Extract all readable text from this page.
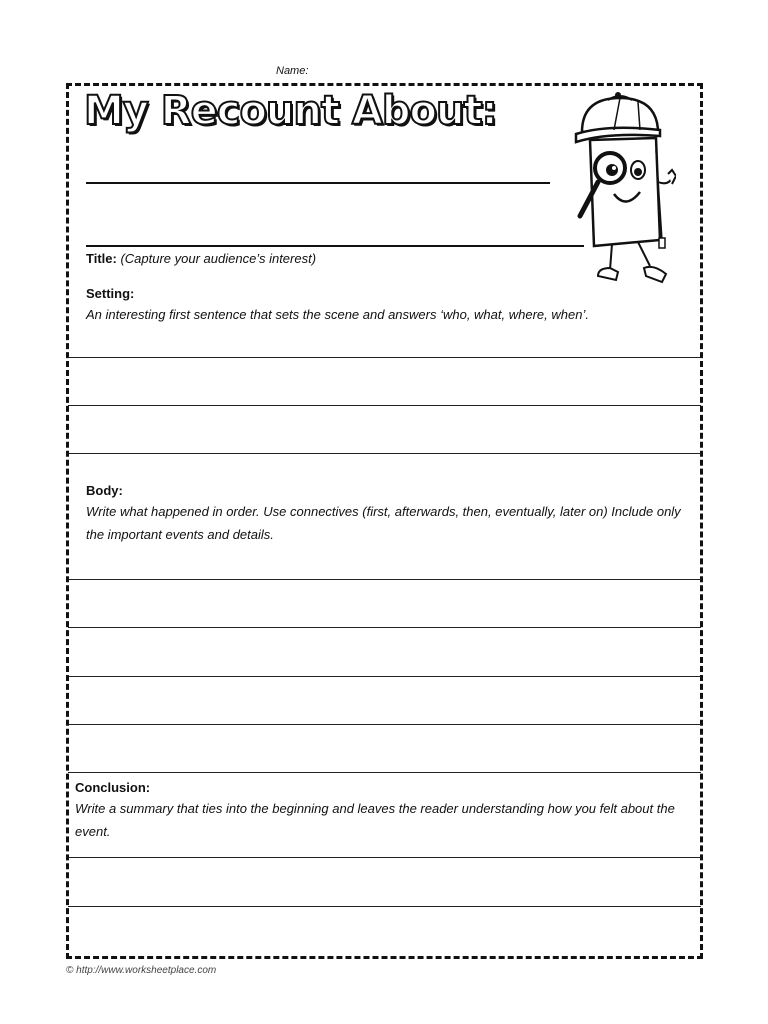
Name:
My Recount About:
Title: (Capture your audience’s interest)
Setting:
An interesting first sentence that sets the scene and answers ‘who, what, where, when’.
Body:
Write what happened in order. Use connectives (first, afterwards, then, eventually, later on) Include only the important events and details.
Conclusion:
Write a summary that ties into the beginning and leaves the reader understanding how you felt about the event.
© http://www.worksheetplace.com
